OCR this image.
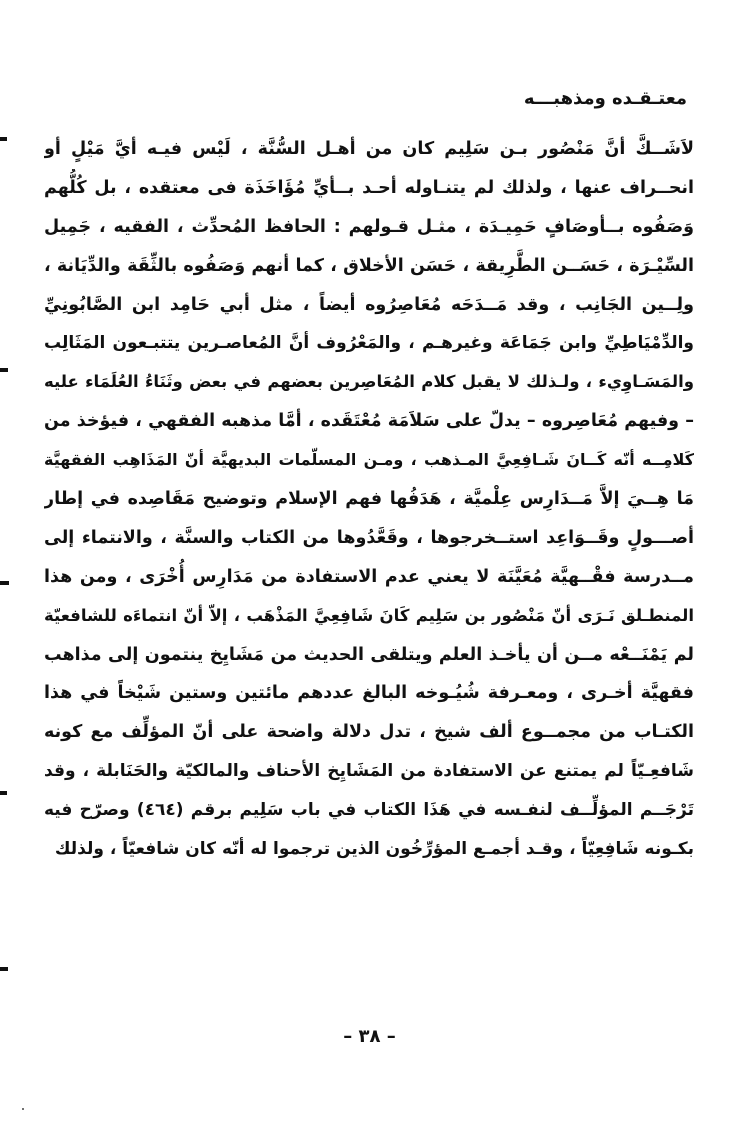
معتـقـده ومذهبـــه
لاَشَــكَّ أنَّ مَنْصُور بـن سَلِيم كان من أهـل السُّنَّة ، لَيْس فيـه أيَّ مَيْلٍ أو
انحــراف عنها ، ولذلك لم يتنـاوله أحـد بــأيِّ مُؤَاخَذَة فى معتقده ، بل كُلُّهم
وَصَفُوه بــأوصَافٍ حَمِيـدَة ، مثـل قـولهم : الحافظ المُحدِّث ، الفقيه ، جَمِيل
السِّيْـرَة ، حَسَــن الطَّرِيقة ، حَسَن الأخلاق ، كما أنهم وَصَفُوه بالثِّقَة والدِّيَانة ،
ولِــين الجَانِب ، وقد مَــدَحَه مُعَاصِرُوه أيضاً ، مثل أبي حَامِد ابن الصَّابُونِيِّ
والدِّمْيَاطِيِّ وابن جَمَاعَة وغيرهـم ، والمَعْرُوف أنَّ المُعاصـرين يتتبـعون المَثَالِب
والمَسَـاوِيء ، ولـذلك لا يقبل كلام المُعَاصِرين بعضهم في بعض وثَنَاءُ العُلَمَاء عليه
– وفيهم مُعَاصِروه – يدلّ على سَلاَمَة مُعْتَقَده ، أمَّا مذهبه الفقهي ، فيؤخذ من
كَلامِــه أنّه كَــانَ شَـافِعِيَّ المـذهب ، ومـن المسلّمات البديهيَّة أنّ المَذَاهِب الفقهيَّة
مَا هِــيَ إلاَّ مَــدَارِس عِلْميَّة ، هَدَفُها فهم الإسلام وتوضيح مَقَاصِده في إطار
أصـــولٍ وقَــوَاعِد استــخرجوها ، وقَعَّدُوها من الكتاب والسنَّة ، والانتماء إلى
مــدرسة فقْــهيَّة مُعَيَّنَة لا يعني عدم الاستفادة من مَدَارِس أُخْرَى ، ومن هذا
المنطـلق نَـرَى أنّ مَنْصُور بن سَلِيم كَانَ شَافِعِيَّ المَذْهَب ، إلاّ أنّ انتماءَه للشافعيّة
لم يَمْنَــعْه مــن أن يأخـذ العلم ويتلقى الحديث من مَشَايِخ ينتمون إلى مذاهب
فقهيَّة أخـرى ، ومعـرفة شُيُـوخه البالغ عددهم مائتين وستين شَيْخاً في هذا
الكتـاب من مجمــوع ألف شيخ ، تدل دلالة واضحة على أنّ المؤلِّف مع كونه
شَافعِـيّاً لم يمتنع عن الاستفادة من المَشَايِخ الأحناف والمالكيّة والحَنَابلة ، وقد
تَرْجَــم المؤلِّــف لنفـسه في هَذَا الكتاب في باب سَلِيم برقم (٤٦٤) وصرّح فيه
بكـونه شَافِعِيّاً ، وقـد أجمـع المؤرِّخُون الذين ترجموا له أنّه كان شافعيّاً ، ولذلك
– ٣٨ –
